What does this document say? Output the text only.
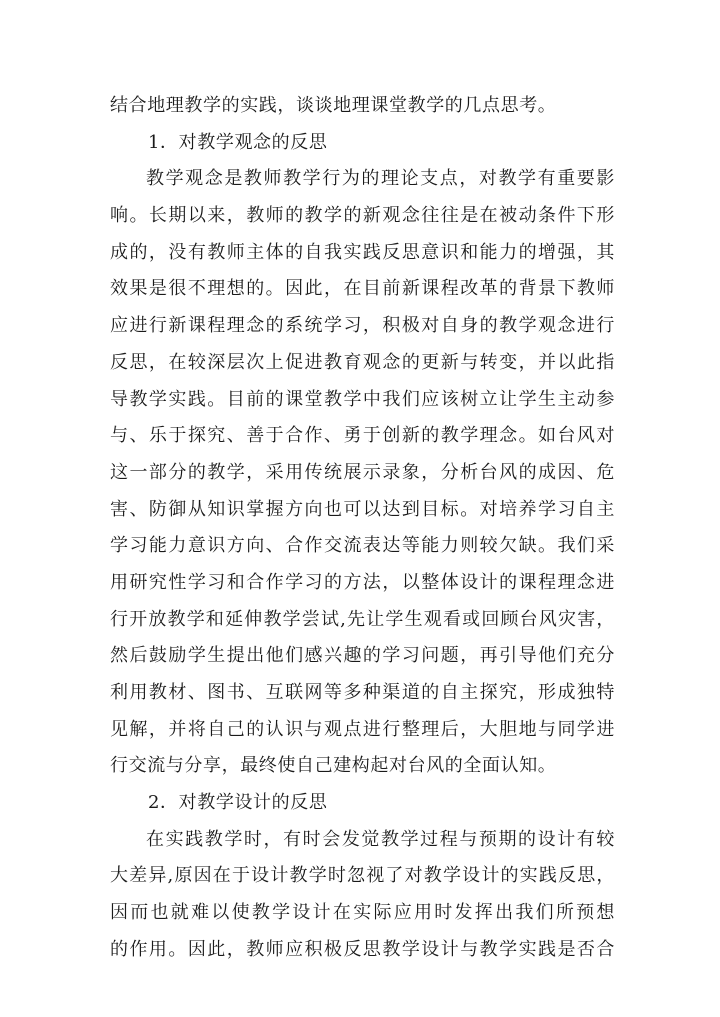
结合地理教学的实践，谈谈地理课堂教学的几点思考。
1．对教学观念的反思
教学观念是教师教学行为的理论支点，对教学有重要影
响。长期以来，教师的教学的新观念往往是在被动条件下形
成的，没有教师主体的自我实践反思意识和能力的增强，其
效果是很不理想的。因此，在目前新课程改革的背景下教师
应进行新课程理念的系统学习，积极对自身的教学观念进行
反思，在较深层次上促进教育观念的更新与转变，并以此指
导教学实践。目前的课堂教学中我们应该树立让学生主动参
与、乐于探究、善于合作、勇于创新的教学理念。如台风对
这一部分的教学，采用传统展示录象，分析台风的成因、危
害、防御从知识掌握方向也可以达到目标。对培养学习自主
学习能力意识方向、合作交流表达等能力则较欠缺。我们采
用研究性学习和合作学习的方法，以整体设计的课程理念进
行开放教学和延伸教学尝试,先让学生观看或回顾台风灾害，
然后鼓励学生提出他们感兴趣的学习问题，再引导他们充分
利用教材、图书、互联网等多种渠道的自主探究，形成独特
见解，并将自己的认识与观点进行整理后，大胆地与同学进
行交流与分享，最终使自己建构起对台风的全面认知。
2．对教学设计的反思
在实践教学时，有时会发觉教学过程与预期的设计有较
大差异,原因在于设计教学时忽视了对教学设计的实践反思，
因而也就难以使教学设计在实际应用时发挥出我们所预想
的作用。因此，教师应积极反思教学设计与教学实践是否合
